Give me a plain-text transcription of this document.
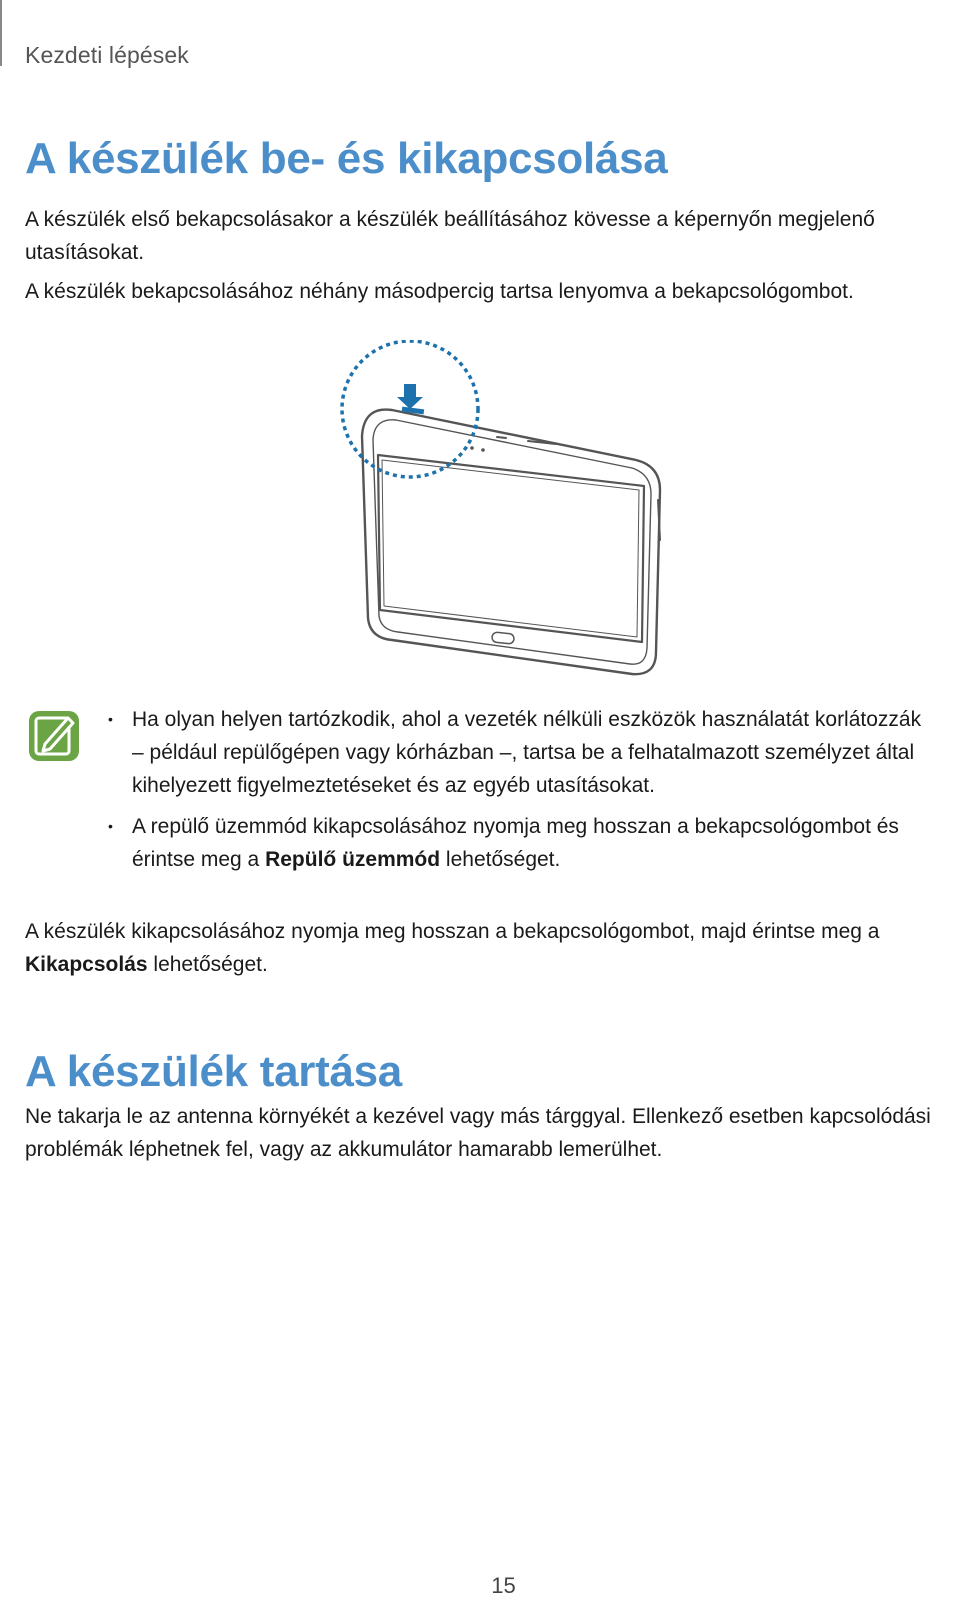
Kezdeti lépések
A készülék be- és kikapcsolása

A készülék első bekapcsolásakor a készülék beállításához kövesse a képernyőn megjelenő utasításokat.

A készülék bekapcsolásához néhány másodpercig tartsa lenyomva a bekapcsológombot.

• Ha olyan helyen tartózkodik, ahol a vezeték nélküli eszközök használatát korlátozzák – például repülőgépen vagy kórházban –, tartsa be a felhatalmazott személyzet által kihelyezett figyelmeztetéseket és az egyéb utasításokat.
• A repülő üzemmód kikapcsolásához nyomja meg hosszan a bekapcsológombot és érintse meg a Repülő üzemmód lehetőséget.

A készülék kikapcsolásához nyomja meg hosszan a bekapcsológombot, majd érintse meg a Kikapcsolás lehetőséget.

A készülék tartása

Ne takarja le az antenna környékét a kezével vagy más tárggyal. Ellenkező esetben kapcsolódási problémák léphetnek fel, vagy az akkumulátor hamarabb lemerülhet.

15
